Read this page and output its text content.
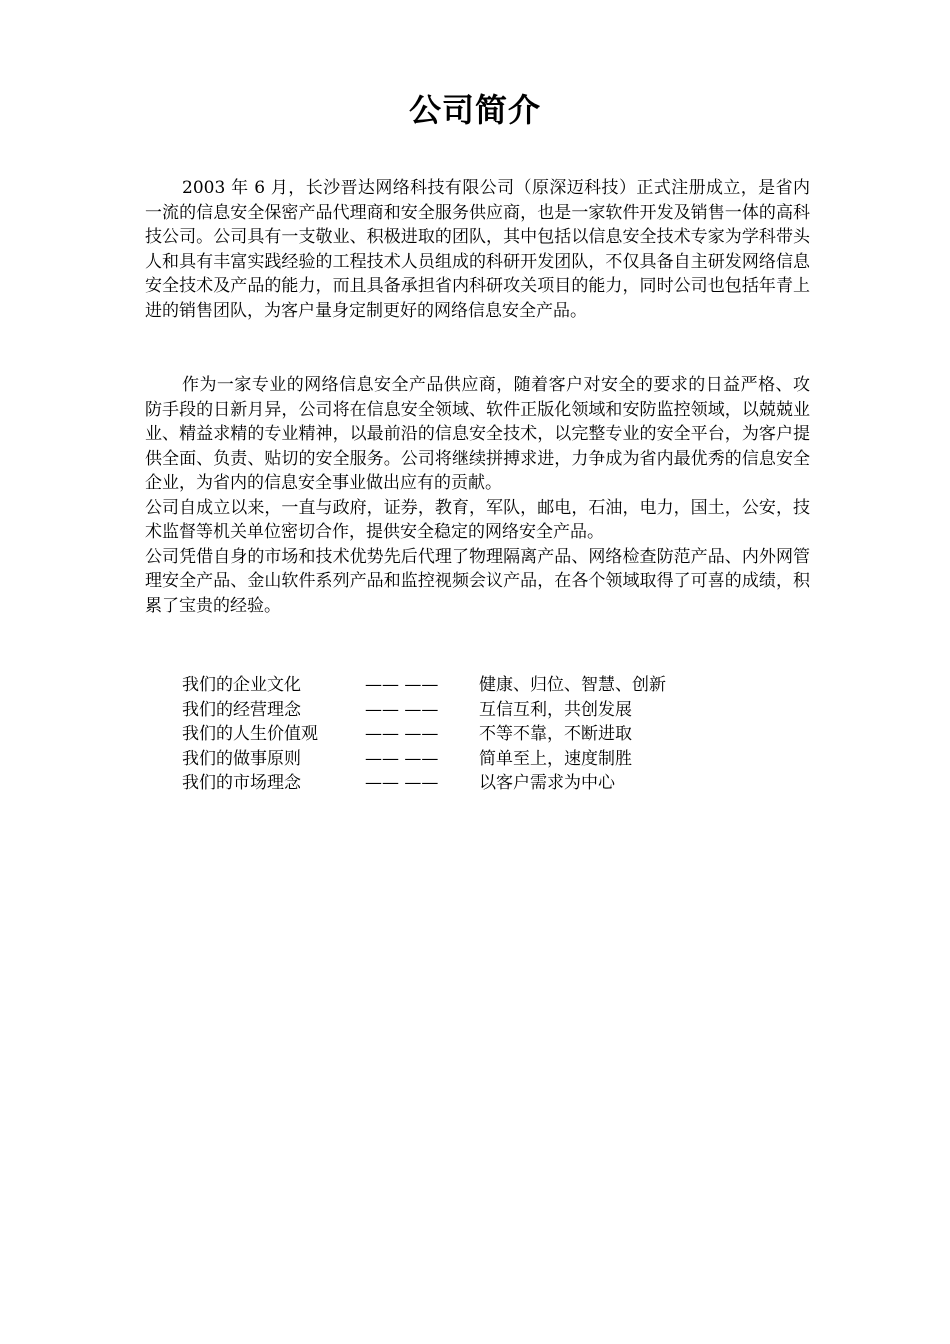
公司简介

2003 年 6 月，长沙晋达网络科技有限公司（原深迈科技）正式注册成立，是省内一流的信息安全保密产品代理商和安全服务供应商，也是一家软件开发及销售一体的高科技公司。公司具有一支敬业、积极进取的团队，其中包括以信息安全技术专家为学科带头人和具有丰富实践经验的工程技术人员组成的科研开发团队，不仅具备自主研发网络信息安全技术及产品的能力，而且具备承担省内科研攻关项目的能力，同时公司也包括年青上进的销售团队，为客户量身定制更好的网络信息安全产品。

作为一家专业的网络信息安全产品供应商，随着客户对安全的要求的日益严格、攻防手段的日新月异，公司将在信息安全领域、软件正版化领域和安防监控领域，以兢兢业业、精益求精的专业精神，以最前沿的信息安全技术，以完整专业的安全平台，为客户提供全面、负责、贴切的安全服务。公司将继续拼搏求进，力争成为省内最优秀的信息安全企业，为省内的信息安全事业做出应有的贡献。

公司自成立以来，一直与政府，证券，教育，军队，邮电，石油，电力，国土，公安，技术监督等机关单位密切合作，提供安全稳定的网络安全产品。

公司凭借自身的市场和技术优势先后代理了物理隔离产品、网络检查防范产品、内外网管理安全产品、金山软件系列产品和监控视频会议产品，在各个领域取得了可喜的成绩，积累了宝贵的经验。

我们的企业文化	—— ——	健康、归位、智慧、创新
我们的经营理念	—— ——	互信互利，共创发展
我们的人生价值观	—— ——	不等不靠，不断进取
我们的做事原则	—— ——	简单至上，速度制胜
我们的市场理念	—— ——	以客户需求为中心
